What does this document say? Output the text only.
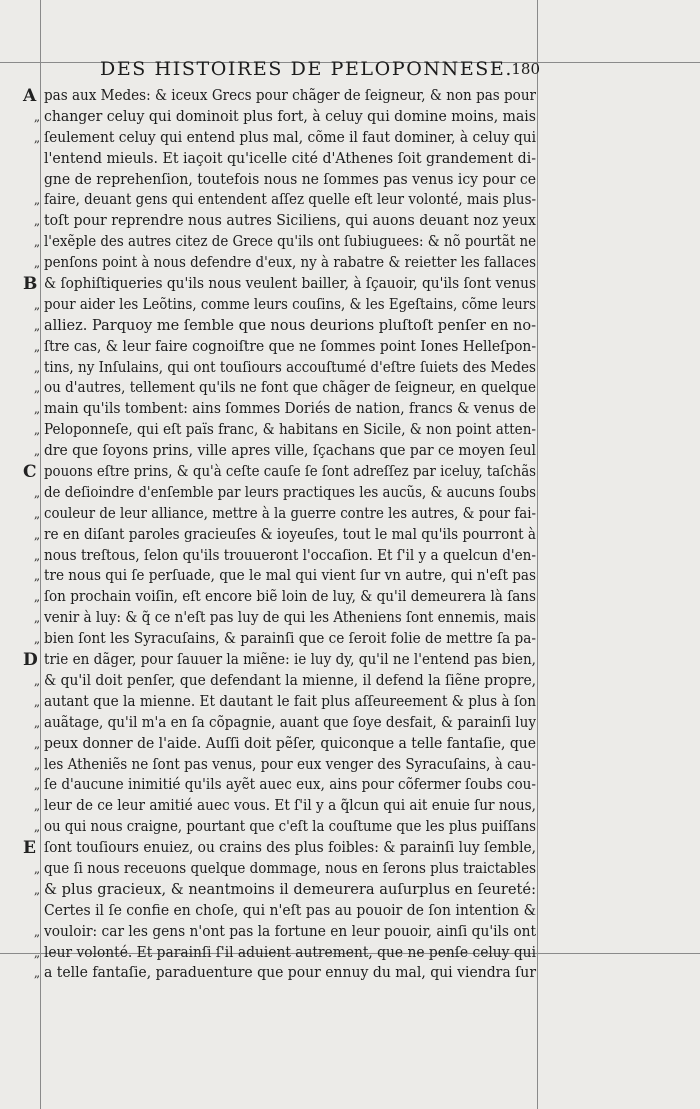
DES HISTOIRES DE PELOPONNESE.
180
A pas aux Medes: & iceux Grecs pour chãger de ſeigneur, & non pas pour
„ changer celuy qui dominoit plus fort, à celuy qui domine moins, mais
„ ſeulement celuy qui entend plus mal, cõme il faut dominer, à celuy qui
l'entend mieuls. Et iaçoit qu'icelle cité d'Athenes ſoit grandement di-
gne de reprehenſion, toutefois nous ne ſommes pas venus icy pour ce
„ faire, deuant gens qui entendent aſſez quelle eſt leur volonté, mais plus-
„ toſt pour reprendre nous autres Siciliens, qui auons deuant noz yeux
„ l'exẽple des autres citez de Grece qu'ils ont ſubiuguees: & nõ pourtãt ne
„ penſons point à nous defendre d'eux, ny à rabatre & reietter les fallaces
B & ſophiſtiqueries qu'ils nous veulent bailler, à ſçauoir, qu'ils ſont venus
„ pour aider les Leõtins, comme leurs couſins, & les Egeſtains, cõme leurs
„ alliez. Parquoy me ſemble que nous deurions pluſtoſt penſer en no-
„ ſtre cas, & leur faire cognoiſtre que ne ſommes point Iones Helleſpon-
„ tins, ny Inſulains, qui ont touſiours accouſtumé d'eſtre ſuiets des Medes
„ ou d'autres, tellement qu'ils ne font que chãger de ſeigneur, en quelque
„ main qu'ils tombent: ains ſommes Doriés de nation, francs & venus de
„ Peloponneſe, qui eſt païs franc, & habitans en Sicile, & non point atten-
„ dre que ſoyons prins, ville apres ville, ſçachans que par ce moyen ſeul
C pouons eſtre prins, & qu'à ceſte cauſe ſe ſont adreſſez par iceluy, taſchãs
„ de deſioindre d'enſemble par leurs practiques les aucũs, & aucuns ſoubs
„ couleur de leur alliance, mettre à la guerre contre les autres, & pour fai-
„ re en diſant paroles gracieuſes & ioyeuſes, tout le mal qu'ils pourront à
„ nous treſtous, ſelon qu'ils trouueront l'occaſion. Et ſ'il y a quelcun d'en-
„ tre nous qui ſe perſuade, que le mal qui vient ſur vn autre, qui n'eſt pas
„ ſon prochain voiſin, eſt encore biẽ loin de luy, & qu'il demeurera là ſans
„ venir à luy: & q̃ ce n'eſt pas luy de qui les Atheniens ſont ennemis, mais
„ bien ſont les Syracuſains, & parainſi que ce ſeroit folie de mettre ſa pa-
D trie en dãger, pour ſauuer la miẽne: ie luy dy, qu'il ne l'entend pas bien,
„ & qu'il doit penſer, que defendant la mienne, il defend la ſiẽne propre,
„ autant que la mienne. Et dautant le fait plus aſſeureement & plus à ſon
„ auãtage, qu'il m'a en ſa cõpagnie, auant que ſoye desfait, & parainſi luy
„ peux donner de l'aide. Auſſi doit pẽſer, quiconque a telle fantaſie, que
„ les Atheniẽs ne ſont pas venus, pour eux venger des Syracuſains, à cau-
„ ſe d'aucune inimitié qu'ils ayẽt auec eux, ains pour cõfermer ſoubs cou-
„ leur de ce leur amitié auec vous. Et ſ'il y a q̃lcun qui ait enuie ſur nous,
„ ou qui nous craigne, pourtant que c'eſt la couſtume que les plus puiſſans
E ſont touſiours enuiez, ou crains des plus foibles: & parainſi luy ſemble,
„ que ſi nous receuons quelque dommage, nous en ſerons plus traictables
„ & plus gracieux, & neantmoins il demeurera auſurplus en ſeureté:
Certes il ſe confie en choſe, qui n'eſt pas au pouoir de ſon intention &
„ vouloir: car les gens n'ont pas la fortune en leur pouoir, ainſi qu'ils ont
„ leur volonté. Et parainſi ſ'il aduient autrement, que ne penſe celuy qui
„ a telle fantaſie, paraduenture que pour ennuy du mal, qui viendra ſur
